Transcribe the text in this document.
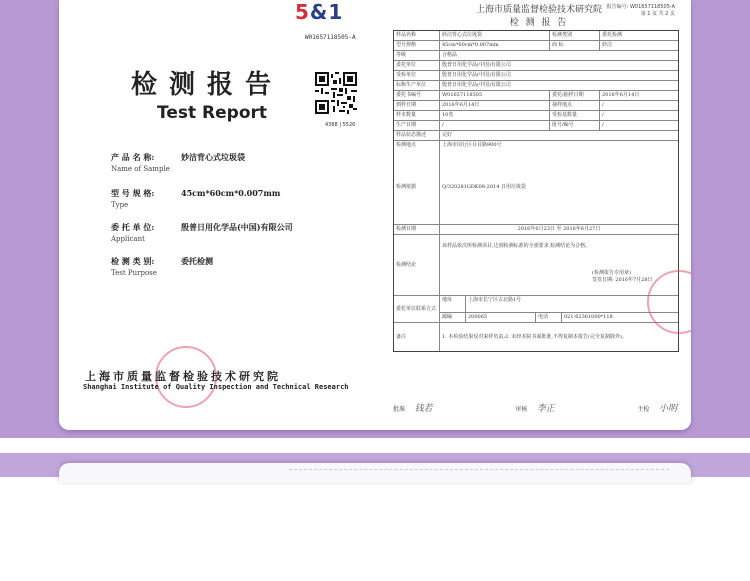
5&1
W01657118505-A
检测报告
Test Report
4368 | 5526
产 品 名 称:	妙洁背心式垃圾袋
Name of Sample
型 号 规 格:	45cm*60cm*0.007mm
Type
委 托 单 位:	殷普日用化学品(中国)有限公司
Applicant
检 测 类 别:	委托检测
Test Purpose
上海市质量监督检验技术研究院
Shanghai Institute of Quality Inspection and Technical Research
上海市质量监督检验技术研究院
检 测 报 告
报告编号: W01657118505-A
第 1 页 共 2 页
样品名称	妙洁背心式垃圾袋	检测类别	委托检测
型号规格	45cm*60cm*0.007mm	商 标	妙洁
等级	合格品
委托单位	殷普日用化学品(中国)有限公司
受检单位	殷普日用化学品(中国)有限公司
标称生产单位	殷普日用化学品(中国)有限公司
委托书编号	W01657118505	委托/抽样日期	2016年6月14日
到样日期	2016年6月14日	抽样地点	/
样本数量	10卷	受检基数量	/
生产日期	/	批号/编号	/
样品状态描述	完好
检测地点	上海市闵行区目目路900号
检测依据	Q/320281GDK08-2014 日用垃圾袋
检测日期	2016年6月23日 至 2016年6月27日
检测结论
该样品依次所检测项目,达到检测标准的全部要求,检测结论为合格。
(检测报告专用章)
签发日期: 2016年7月28日
委托单位联系方式
地址	上海市长宁区古北路1号
邮编	200065	电话	021-62361000*118
备注	1. 本检验结果仅对来样负责;2. 未经本院书面批准,不得复制本报告(完全复制除外)。
批准 钱若	审核 李正	主检 小明
